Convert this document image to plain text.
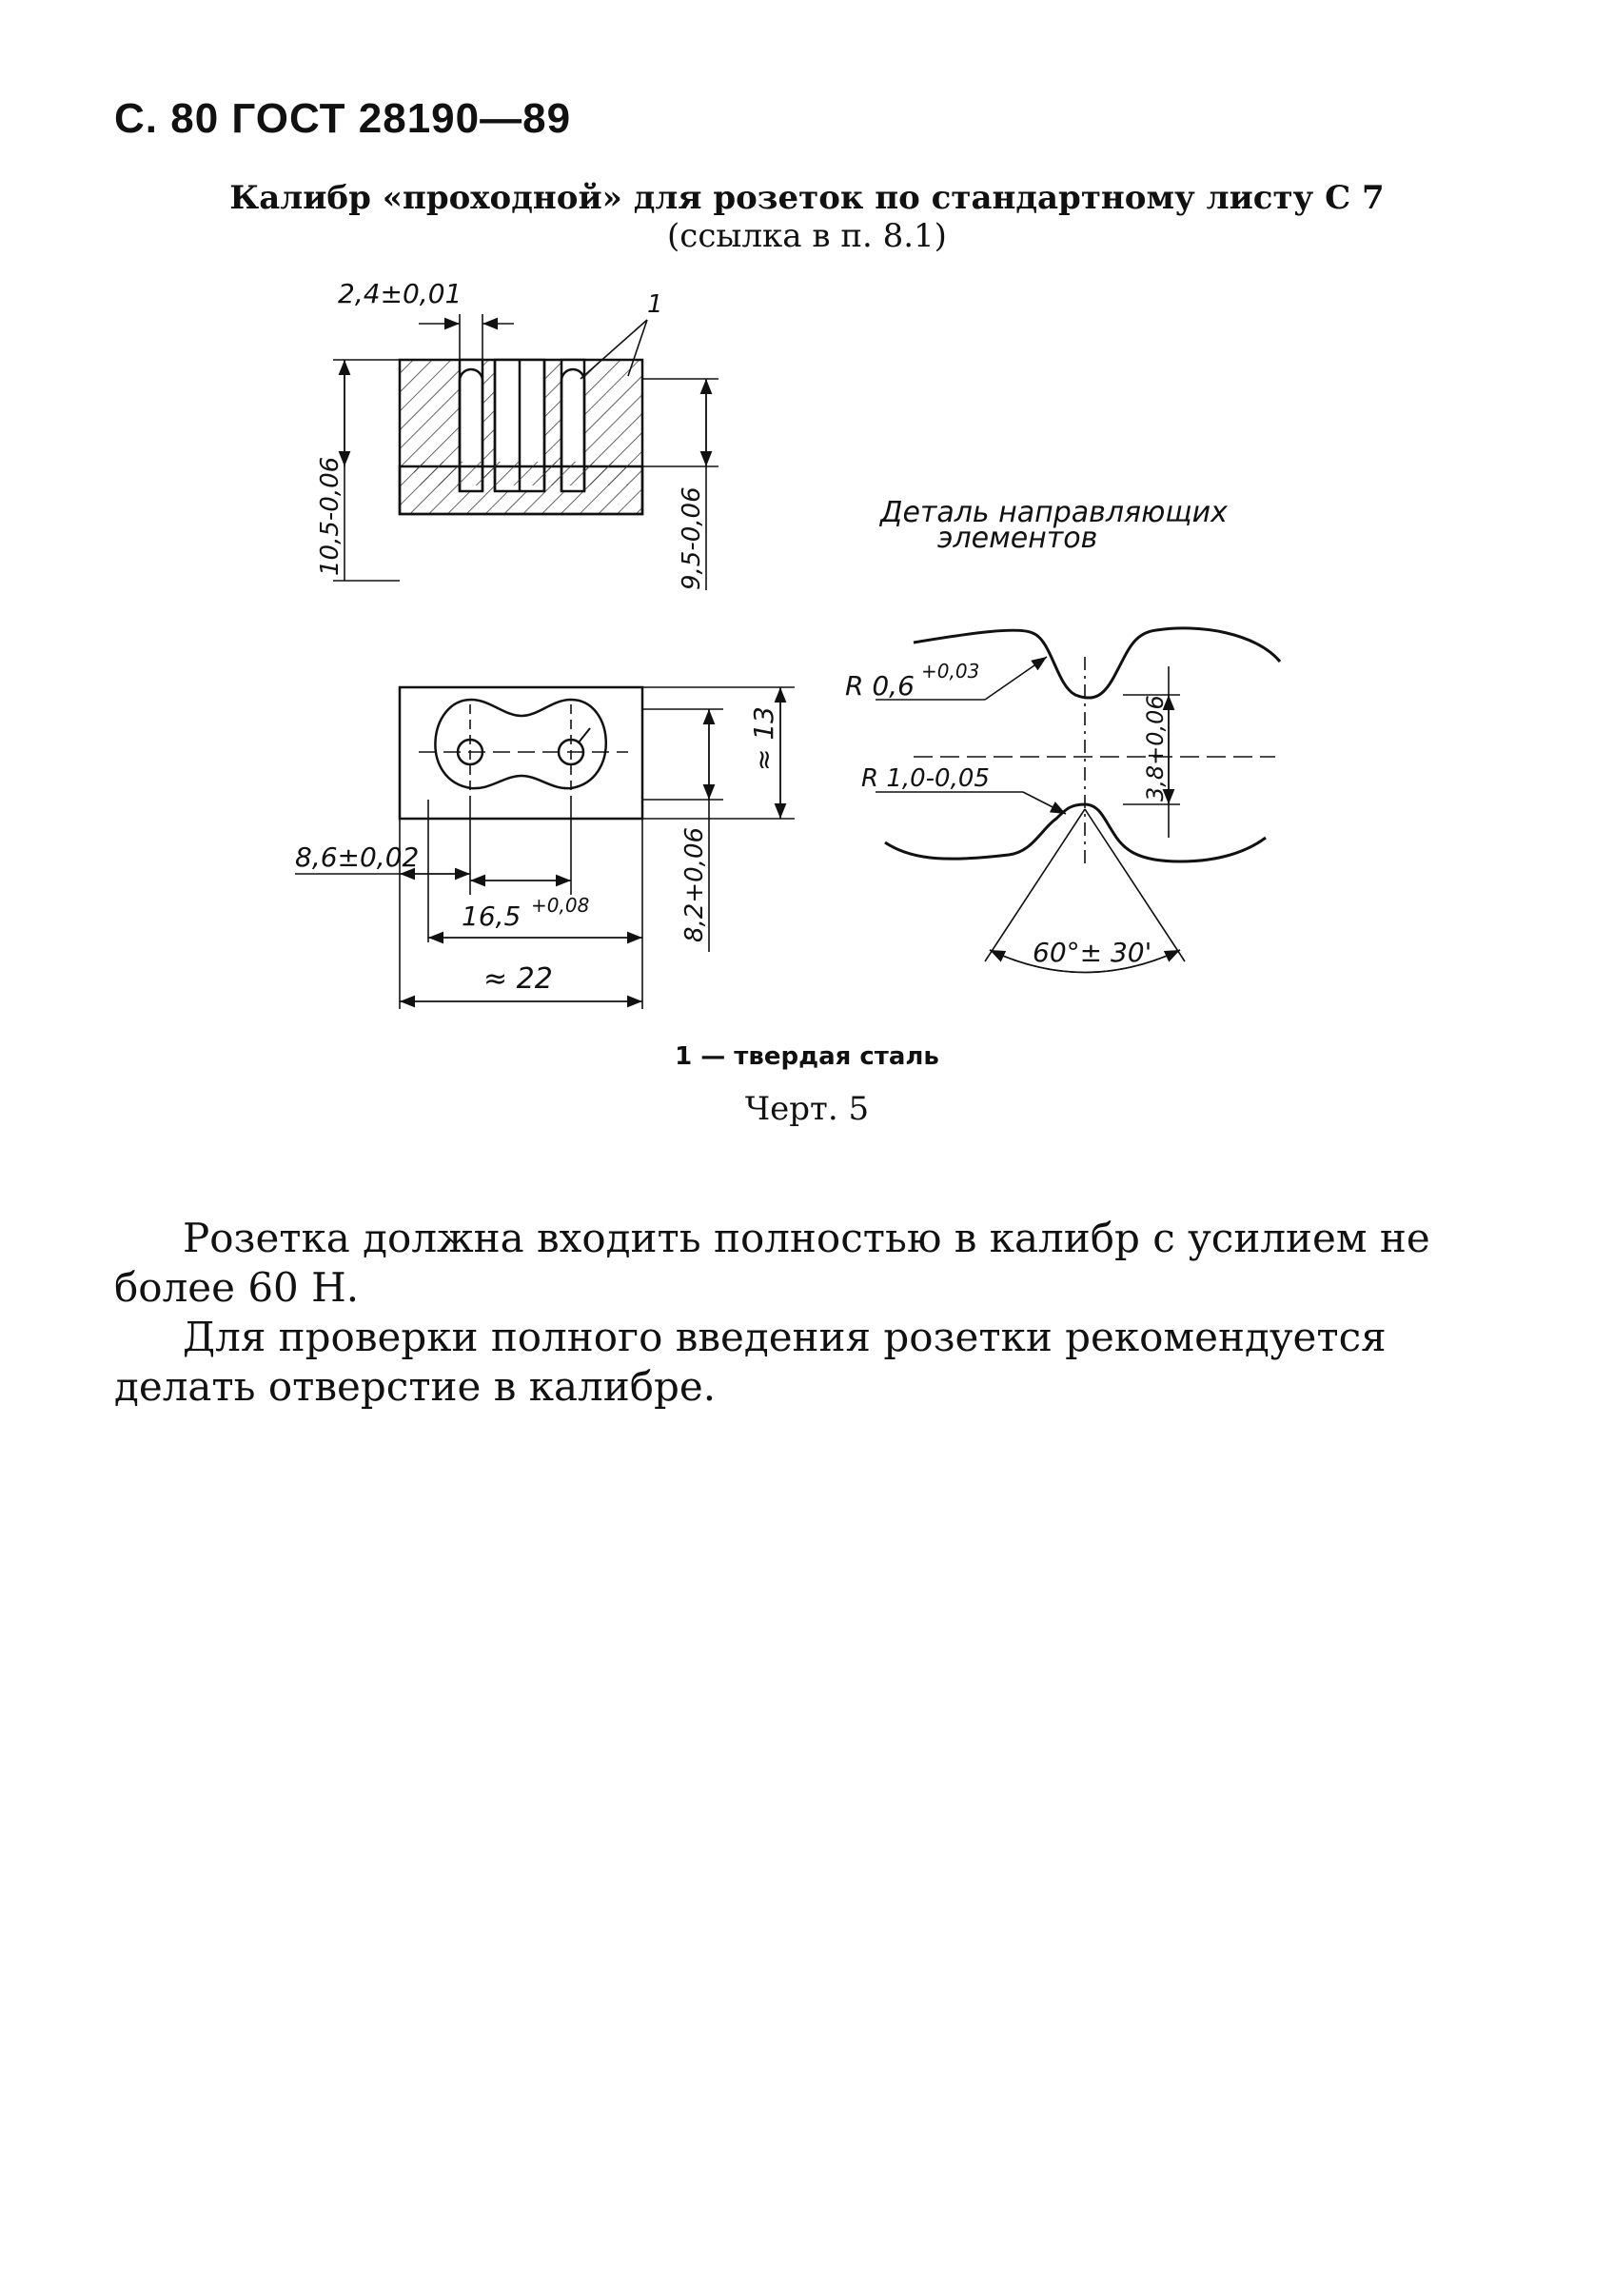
С. 80 ГОСТ 28190—89
Калибр «проходной» для розеток по стандартному листу С 7
(ссылка в п. 8.1)
2,4±0,01	1
10,5-0,06	9,5-0,06
≈ 13
8,2+0,06
8,6±0,02
16,5 +0,08
≈ 22
Деталь направляющих
элементов
R 0,6 +0,03
R 1,0-0,05	3,8+0,06
60°± 30'
1 — твердая сталь
Черт. 5

Розетка должна входить полностью в калибр с усилием не более 60 Н.

Для проверки полного введения розетки рекомендуется делать отверстие в калибре.
